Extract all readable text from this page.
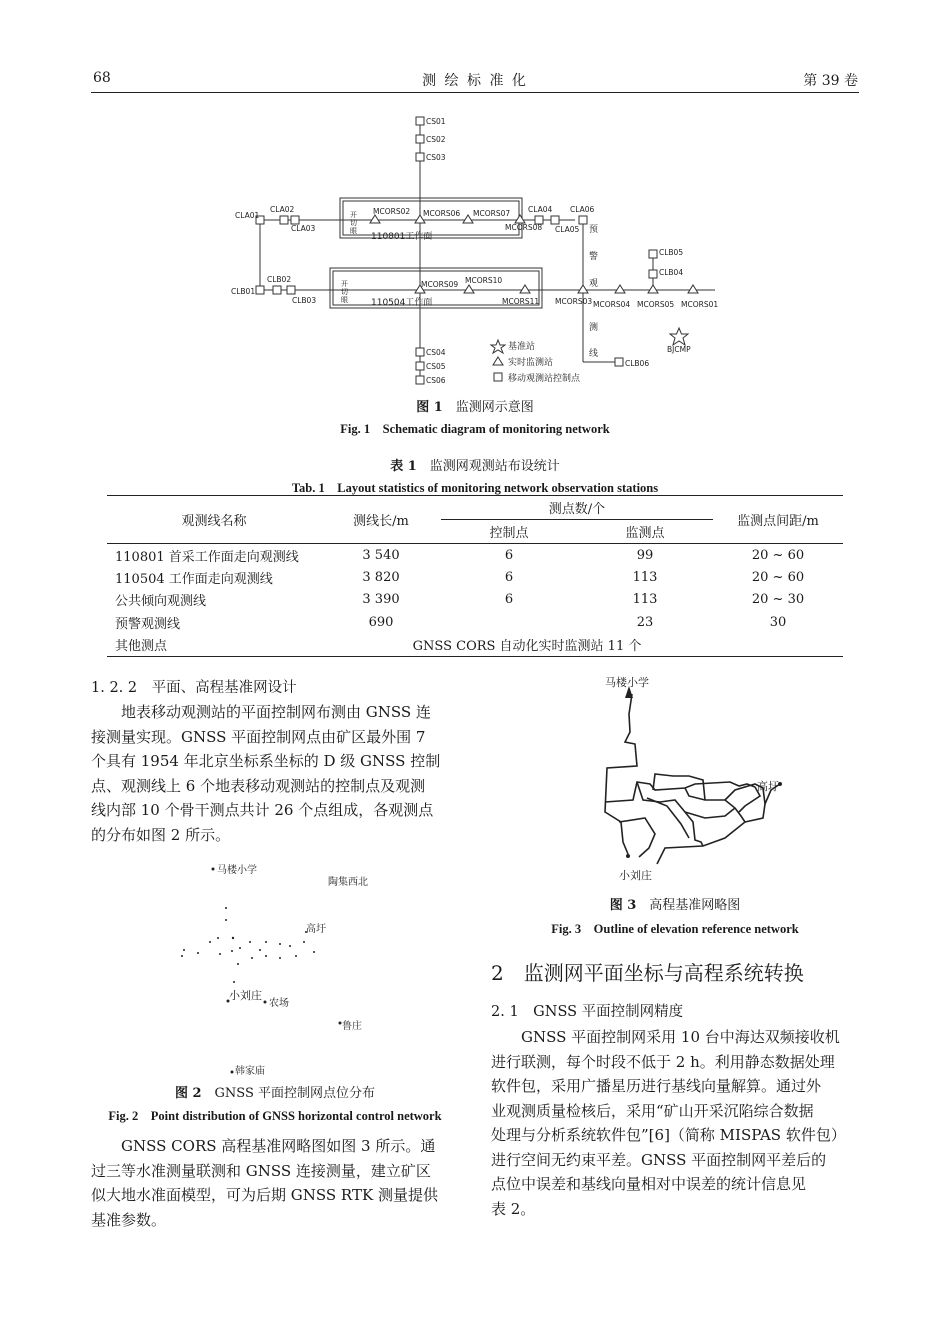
68	测 绘 标 准 化	第 39 卷
CS01
CS02
CS03
CS04
CS05
CS06
CLA01
CLA02
CLA03
CLA04
CLA05
CLA06
MCORS02 MCORS06 MCORS07
MCORS08
CLB01
CLB02
CLB03
CLB04
CLB05
CLB06
MCORS09 MCORS10
MCORS11 MCORS03 MCORS04 MCORS05 MCORS01
BJCMP
110801工作面
110504工作面
预
警
观
测
线
基准站
实时监测站
移动观测站控制点
开切眼
开切眼
图 1　 监测网示意图
Fig. 1　 Schematic diagram of monitoring network
表 1　 监测网观测站布设统计
Tab. 1　 Layout statistics of monitoring network observation stations
观测线名称	测线长/m	测点数/个		监测点间距/m
		控制点	监测点	
110801 首采工作面走向观测线	3 540	6	99	20 ~ 60
110504 工作面走向观测线	3 820	6	113	20 ~ 60
公共倾向观测线	3 390	6	113	20 ~ 30
预警观测线	690		23	30
其他测点	GNSS CORS 自动化实时监测站 11 个			
1. 2. 2　平面、高程基准网设计
地表移动观测站的平面控制网布测由 GNSS 连
接测量实现。GNSS 平面控制网点由矿区最外围 7
个具有 1954 年北京坐标系坐标的 D 级 GNSS 控制
点、观测线上 6 个地表移动观测站的控制点及观测
线内部 10 个骨干测点共计 26 个点组成，各观测点
的分布如图 2 所示。
马楼小学
陶集西北
高圩
小刘庄
农场
鲁庄
韩家庙
图 2　 GNSS 平面控制网点位分布
Fig. 2　 Point distribution of GNSS horizontal control network
GNSS CORS 高程基准网略图如图 3 所示。通
过三等水准测量联测和 GNSS 连接测量，建立矿区
似大地水准面模型，可为后期 GNSS RTK 测量提供
基准参数。
马楼小学
高圩
小刘庄
图 3　 高程基准网略图
Fig. 3　 Outline of elevation reference network
2　监测网平面坐标与高程系统转换
2. 1　GNSS 平面控制网精度
GNSS 平面控制网采用 10 台中海达双频接收机
进行联测，每个时段不低于 2 h。利用静态数据处理
软件包，采用广播星历进行基线向量解算。通过外
业观测质量检核后，采用“矿山开采沉陷综合数据
处理与分析系统软件包”[6]（简称 MISPAS 软件包）
进行空间无约束平差。GNSS 平面控制网平差后的
点位中误差和基线向量相对中误差的统计信息见
表 2。
